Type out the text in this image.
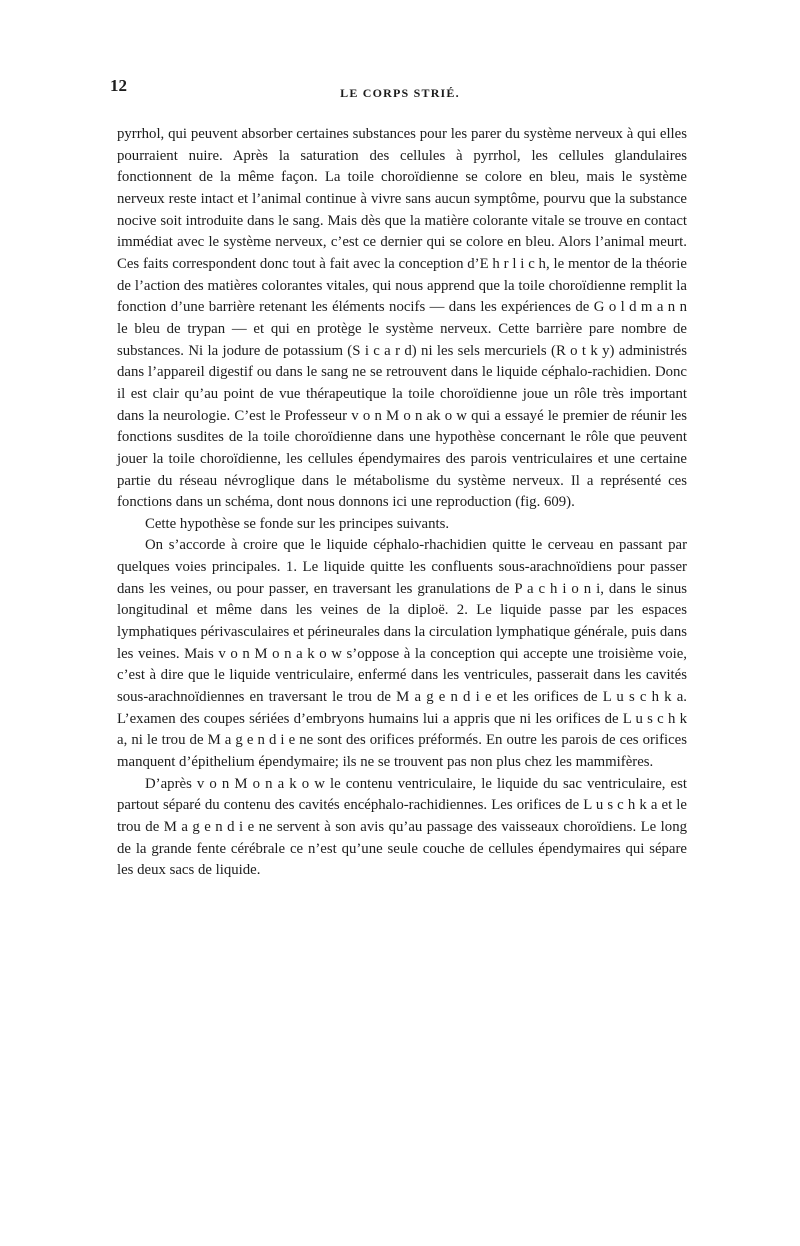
12	LE CORPS STRIÉ.

pyrrhol, qui peuvent absorber certaines substances pour les parer du système nerveux à qui elles pourraient nuire. Après la saturation des cellules à pyrrhol, les cellules glandulaires fonctionnent de la même façon. La toile choroïdienne se colore en bleu, mais le système nerveux reste intact et l’animal continue à vivre sans aucun symptôme, pourvu que la substance nocive soit introduite dans le sang. Mais dès que la matière colorante vitale se trouve en contact immédiat avec le système nerveux, c’est ce dernier qui se colore en bleu. Alors l’animal meurt. Ces faits correspondent donc tout à fait avec la conception d’E h r l i c h, le mentor de la théorie de l’action des matières colorantes vitales, qui nous apprend que la toile choroïdienne remplit la fonction d’une barrière retenant les éléments nocifs — dans les expériences de G o l d m a n n le bleu de trypan — et qui en protège le système nerveux. Cette barrière pare nombre de substances. Ni la jodure de potassium (S i c a r d) ni les sels mercuriels (R o t k y) administrés dans l’appareil digestif ou dans le sang ne se retrouvent dans le liquide céphalo-rachidien. Donc il est clair qu’au point de vue thérapeutique la toile choroïdienne joue un rôle très important dans la neurologie. C’est le Professeur v o n M o n ak o w qui a essayé le premier de réunir les fonctions susdites de la toile choroïdienne dans une hypothèse concernant le rôle que peuvent jouer la toile choroïdienne, les cellules épendymaires des parois ventriculaires et une certaine partie du réseau névroglique dans le métabolisme du système nerveux. Il a représenté ces fonctions dans un schéma, dont nous donnons ici une reproduction (fig. 609).

Cette hypothèse se fonde sur les principes suivants.

On s’accorde à croire que le liquide céphalo-rhachidien quitte le cerveau en passant par quelques voies principales. 1. Le liquide quitte les confluents sous-arachnoïdiens pour passer dans les veines, ou pour passer, en traversant les granulations de P a c h i o n i, dans le sinus longitudinal et même dans les veines de la diploë. 2. Le liquide passe par les espaces lymphatiques périvasculaires et périneurales dans la circulation lymphatique générale, puis dans les veines. Mais v o n M o n a k o w s’oppose à la conception qui accepte une troisième voie, c’est à dire que le liquide ventriculaire, enfermé dans les ventricules, passerait dans les cavités sous-arachnoïdiennes en traversant le trou de M a g e n d i e et les orifices de L u s c h k a. L’examen des coupes sériées d’embryons humains lui a appris que ni les orifices de L u s c h k a, ni le trou de M a g e n d i e ne sont des orifices préformés. En outre les parois de ces orifices manquent d’épithelium épendymaire; ils ne se trouvent pas non plus chez les mammifères.

D’après v o n M o n a k o w le contenu ventriculaire, le liquide du sac ventriculaire, est partout séparé du contenu des cavités encéphalo-rachidiennes. Les orifices de L u s c h k a et le trou de M a g e n d i e ne servent à son avis qu’au passage des vaisseaux choroïdiens. Le long de la grande fente cérébrale ce n’est qu’une seule couche de cellules épendymaires qui sépare les deux sacs de liquide.
